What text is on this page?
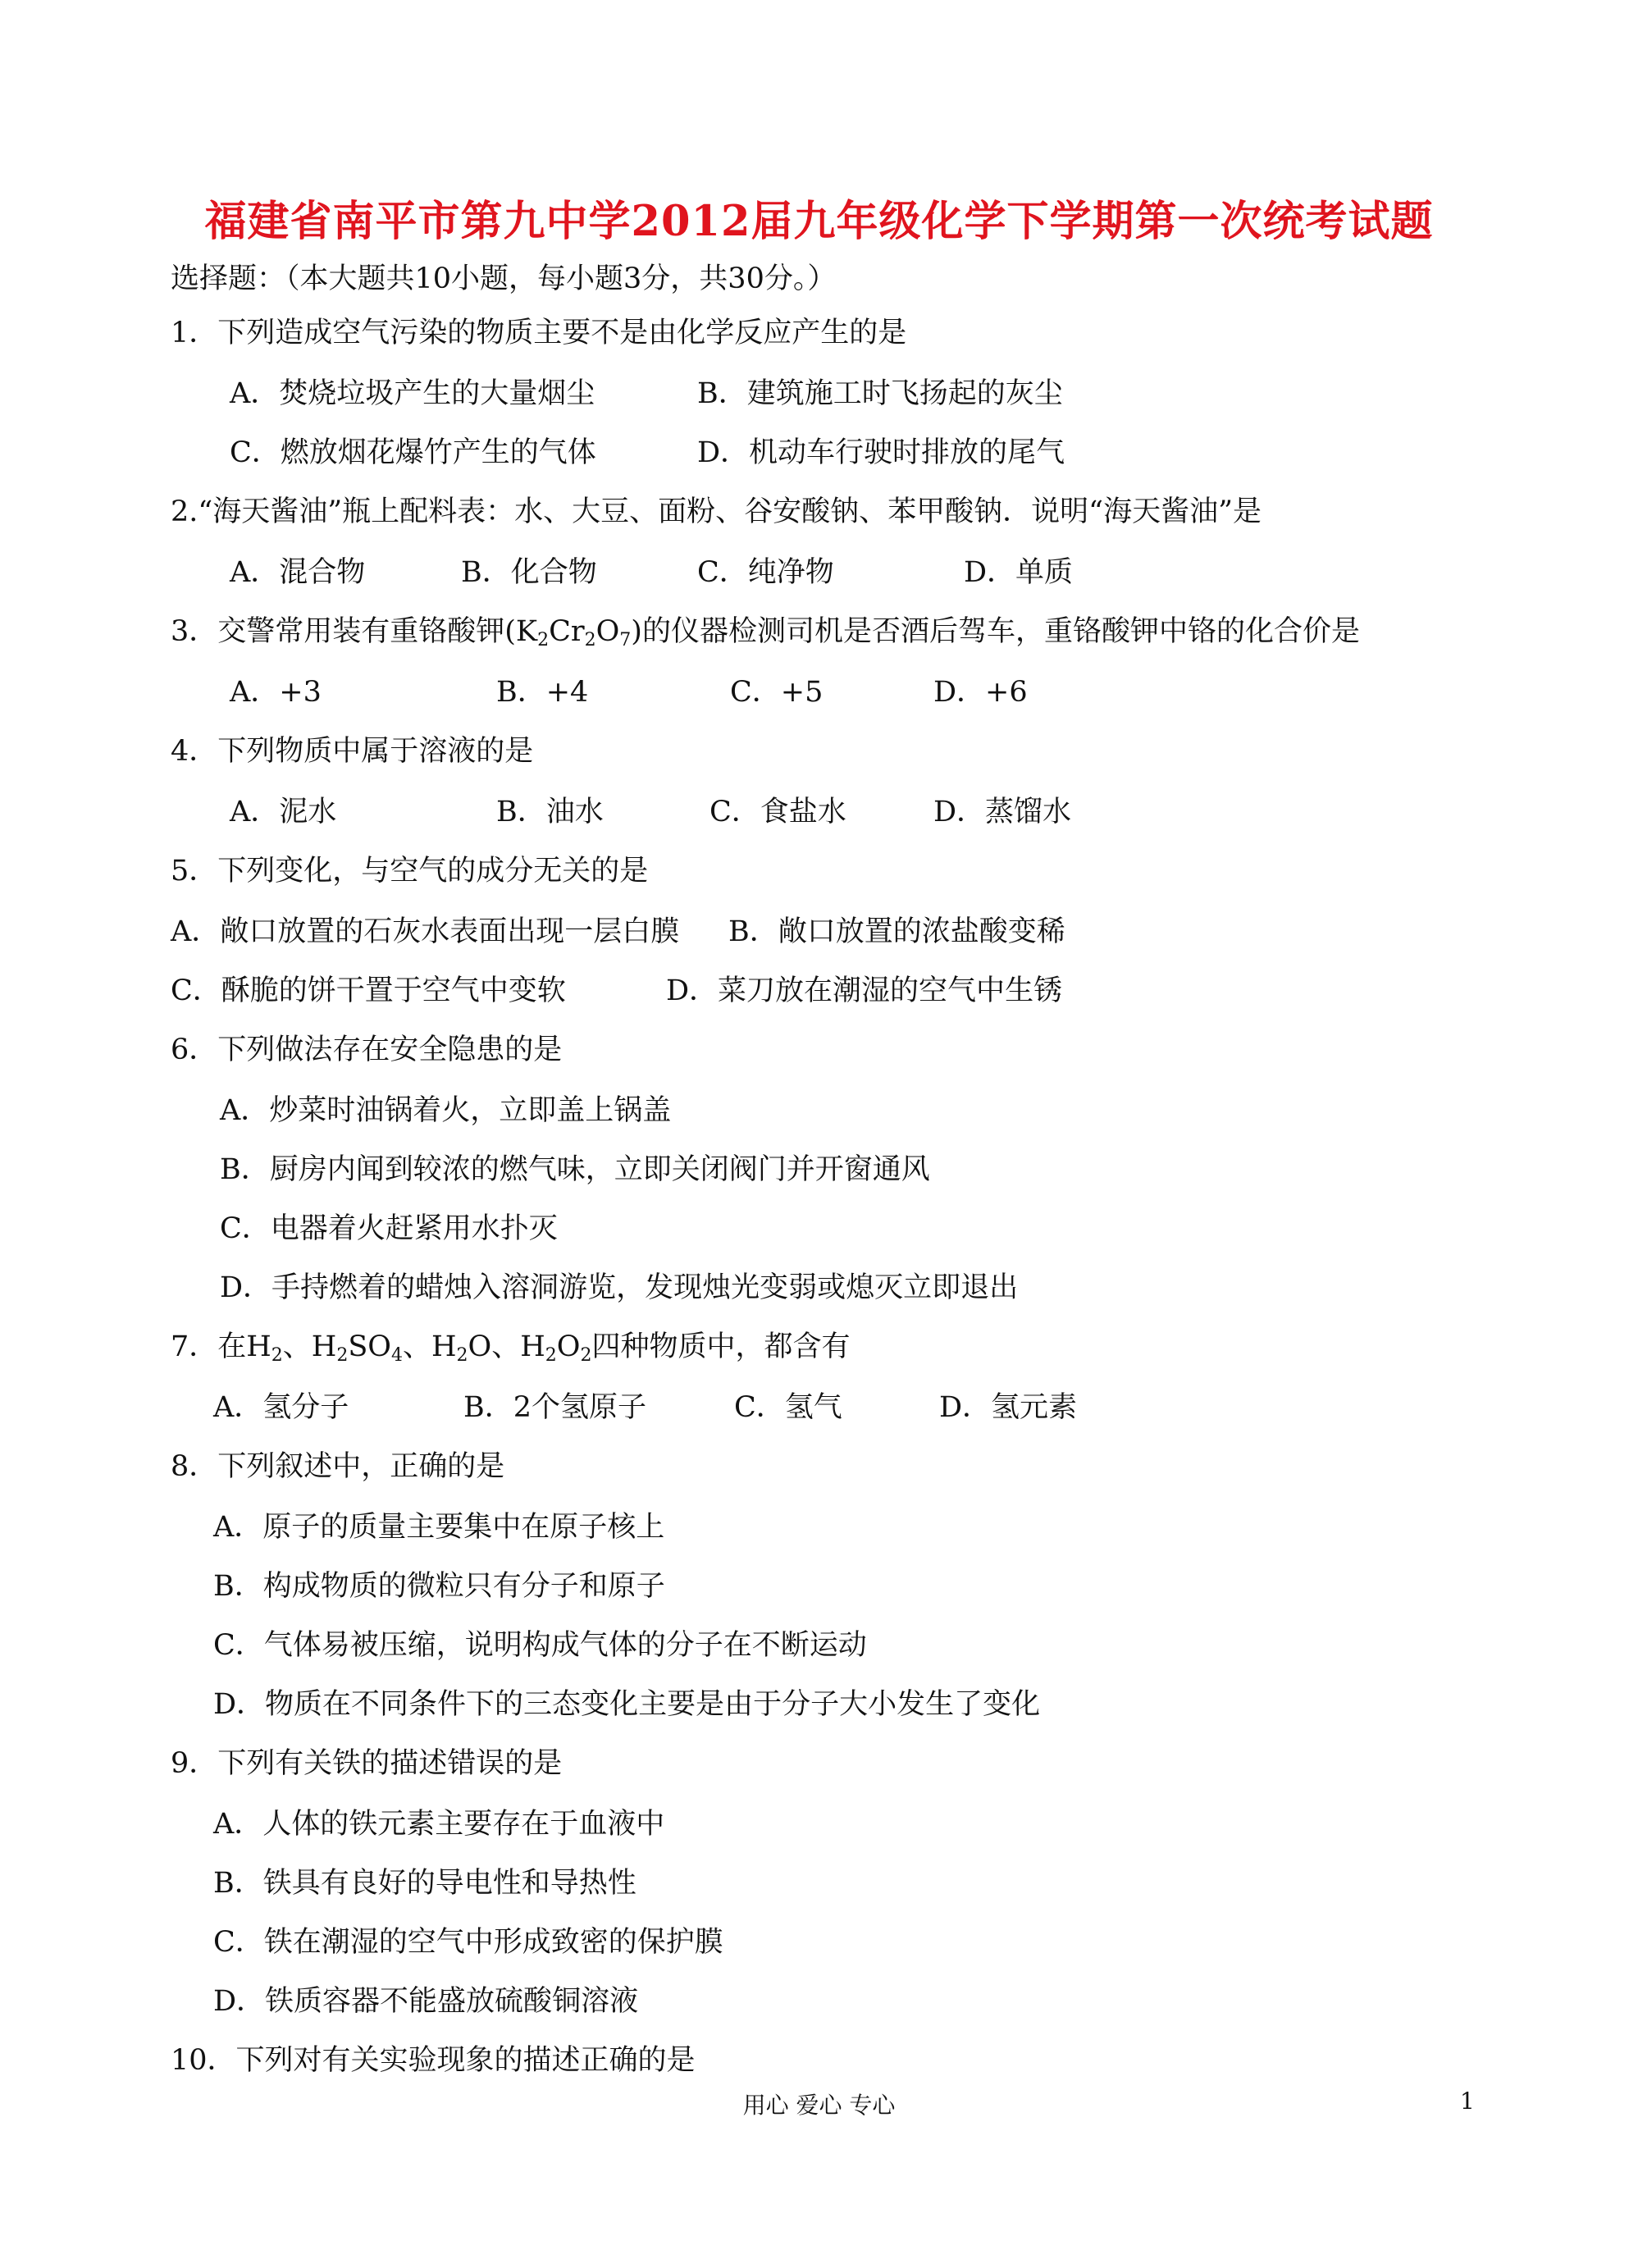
福建省南平市第九中学2012届九年级化学下学期第一次统考试题
选择题：（本大题共10小题，每小题3分，共30分。）
1．下列造成空气污染的物质主要不是由化学反应产生的是
A．焚烧垃圾产生的大量烟尘	B．建筑施工时飞扬起的灰尘
C．燃放烟花爆竹产生的气体	D．机动车行驶时排放的尾气
2.“海天酱油”瓶上配料表：水、大豆、面粉、谷安酸钠、苯甲酸钠．说明“海天酱油”是
A．混合物	B．化合物	C．纯净物	D．单质
3．交警常用装有重铬酸钾$(K_2Cr_2O_7)$的仪器检测司机是否酒后驾车，重铬酸钾中铬的化合价是
A．+3	B．+4	C．+5	D．+6
4．下列物质中属于溶液的是
A．泥水	B．油水	C．食盐水	D．蒸馏水
5．下列变化，与空气的成分无关的是
A．敞口放置的石灰水表面出现一层白膜 B．敞口放置的浓盐酸变稀
C．酥脆的饼干置于空气中变软	D．菜刀放在潮湿的空气中生锈
6．下列做法存在安全隐患的是
A．炒菜时油锅着火，立即盖上锅盖
B．厨房内闻到较浓的燃气味，立即关闭阀门并开窗通风
C．电器着火赶紧用水扑灭
D．手持燃着的蜡烛入溶洞游览，发现烛光变弱或熄灭立即退出
7．在$H_2$、$H_2SO_4$、$H_2O$、$H_2O_2$四种物质中，都含有
A．氢分子	B．2个氢原子	C．氢气	D．氢元素
8．下列叙述中，正确的是
A．原子的质量主要集中在原子核上
B．构成物质的微粒只有分子和原子
C．气体易被压缩，说明构成气体的分子在不断运动
D．物质在不同条件下的三态变化主要是由于分子大小发生了变化
9．下列有关铁的描述错误的是
A．人体的铁元素主要存在于血液中
B．铁具有良好的导电性和导热性
C．铁在潮湿的空气中形成致密的保护膜
D．铁质容器不能盛放硫酸铜溶液
10．下列对有关实验现象的描述正确的是
用心 爱心 专心	1
